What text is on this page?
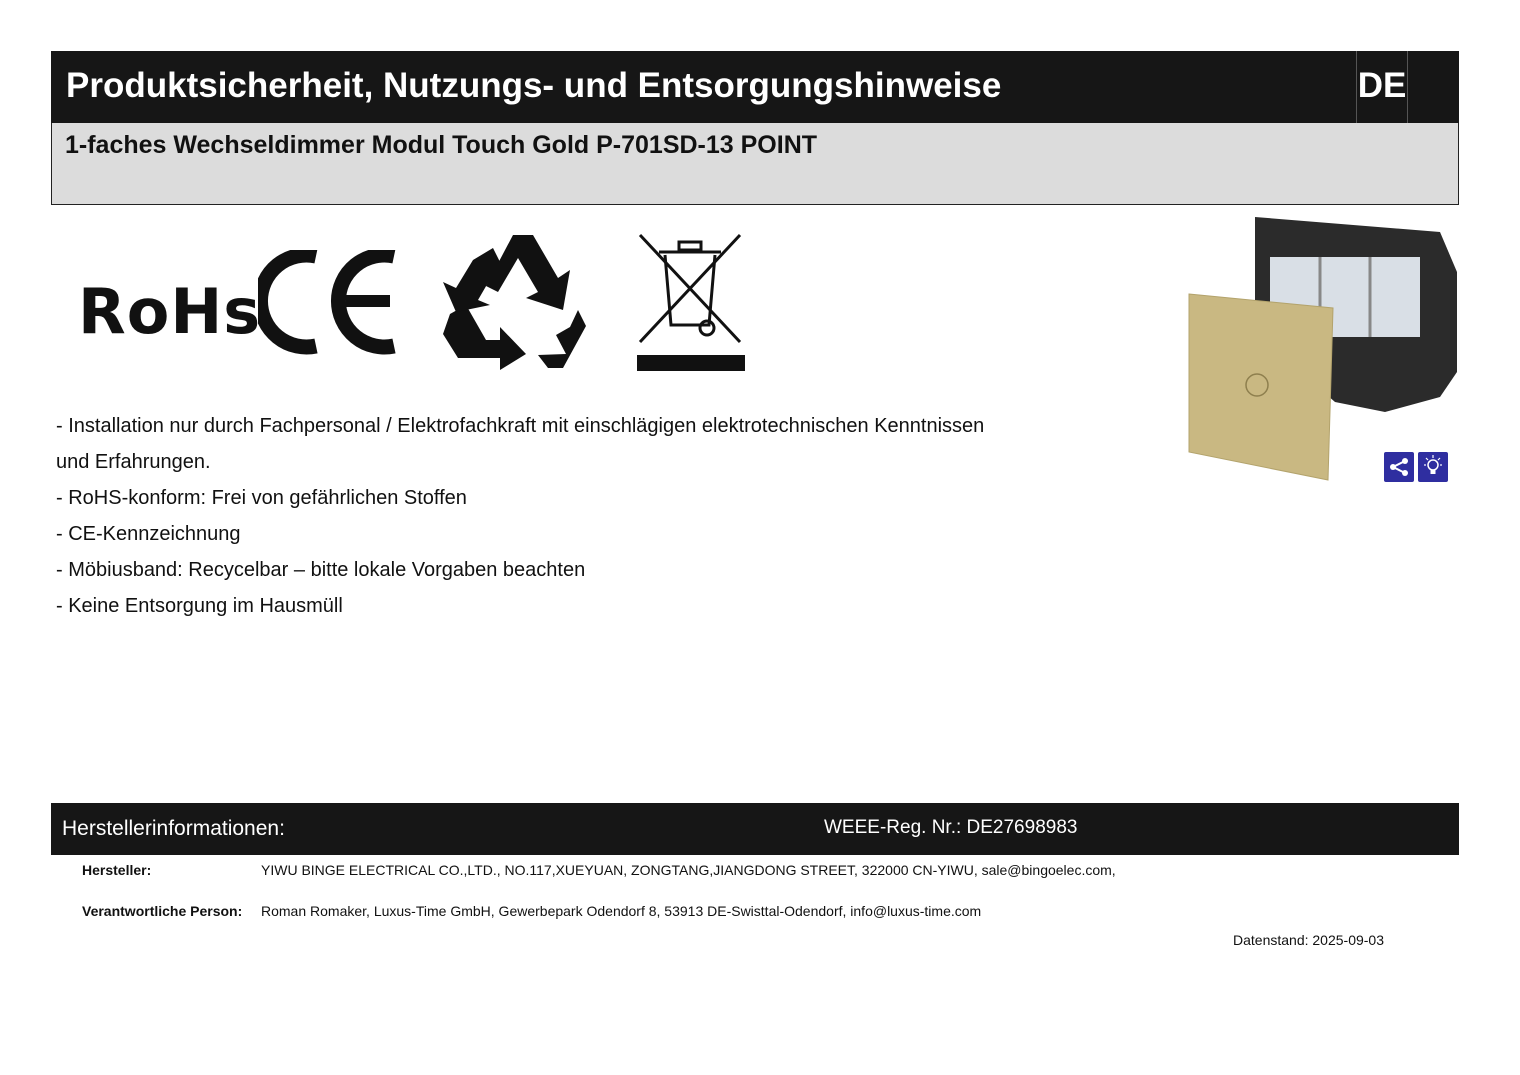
Produktsicherheit, Nutzungs- und Entsorgungshinweise	DE
1-faches Wechseldimmer Modul Touch Gold P-701SD-13 POINT
RoHs
- Installation nur durch Fachpersonal / Elektrofachkraft mit einschlägigen elektrotechnischen Kenntnissen
und Erfahrungen.
- RoHS-konform: Frei von gefährlichen Stoffen
- CE-Kennzeichnung
- Möbiusband: Recycelbar – bitte lokale Vorgaben beachten
- Keine Entsorgung im Hausmüll
Herstellerinformationen:	WEEE-Reg. Nr.: DE27698983
Hersteller:	YIWU BINGE ELECTRICAL CO.,LTD., NO.117,XUEYUAN, ZONGTANG,JIANGDONG STREET, 322000 CN-YIWU, sale@bingoelec.com,
Verantwortliche Person: Roman Romaker, Luxus-Time GmbH, Gewerbepark Odendorf 8, 53913 DE-Swisttal-Odendorf, info@luxus-time.com
Datenstand: 2025-09-03
